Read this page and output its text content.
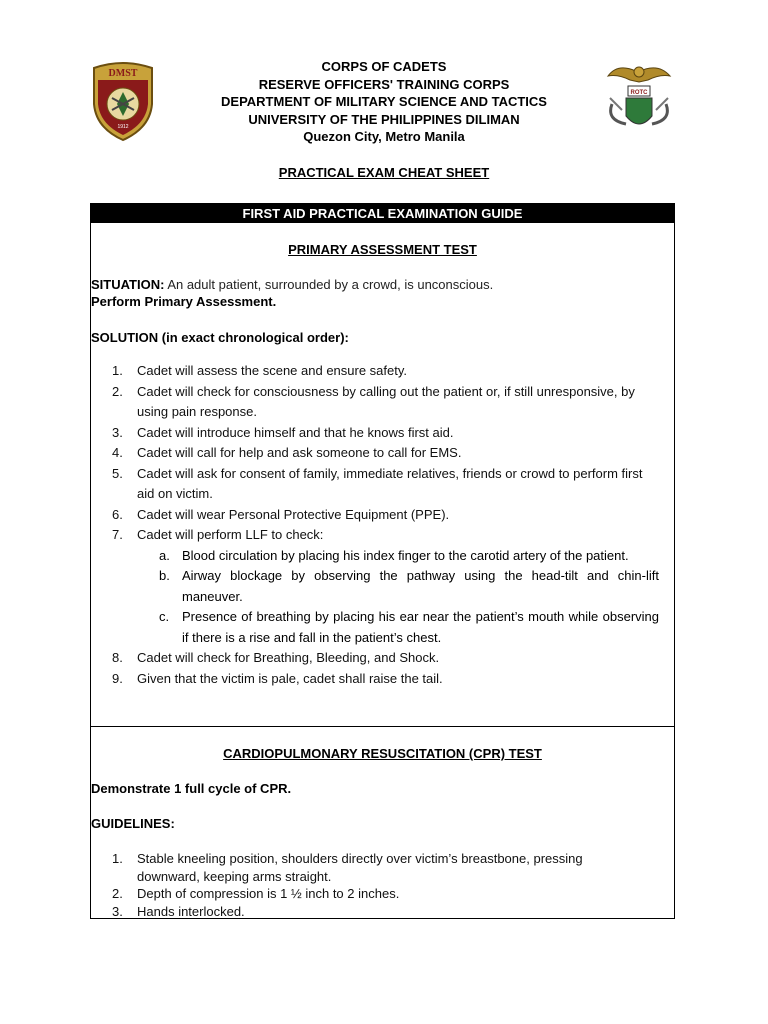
DMST
1912
ROTC
CORPS OF CADETS
RESERVE OFFICERS' TRAINING CORPS
DEPARTMENT OF MILITARY SCIENCE AND TACTICS
UNIVERSITY OF THE PHILIPPINES DILIMAN
Quezon City, Metro Manila
PRACTICAL EXAM CHEAT SHEET
FIRST AID PRACTICAL EXAMINATION GUIDE
PRIMARY ASSESSMENT TEST
SITUATION: An adult patient, surrounded by a crowd, is unconscious.
Perform Primary Assessment.
SOLUTION (in exact chronological order):
1. Cadet will assess the scene and ensure safety.
2. Cadet will check for consciousness by calling out the patient or, if still unresponsive, by using pain response.
3. Cadet will introduce himself and that he knows first aid.
4. Cadet will call for help and ask someone to call for EMS.
5. Cadet will ask for consent of family, immediate relatives, friends or crowd to perform first aid on victim.
6. Cadet will wear Personal Protective Equipment (PPE).
7. Cadet will perform LLF to check:
a. Blood circulation by placing his index finger to the carotid artery of the patient.
b. Airway blockage by observing the pathway using the head-tilt and chin-lift maneuver.
c. Presence of breathing by placing his ear near the patient’s mouth while observing if there is a rise and fall in the patient’s chest.
8. Cadet will check for Breathing, Bleeding, and Shock.
9. Given that the victim is pale, cadet shall raise the tail.
CARDIOPULMONARY RESUSCITATION (CPR) TEST
Demonstrate 1 full cycle of CPR.
GUIDELINES:
1. Stable kneeling position, shoulders directly over victim’s breastbone, pressing downward, keeping arms straight.
2. Depth of compression is 1 ½ inch to 2 inches.
3. Hands interlocked.
